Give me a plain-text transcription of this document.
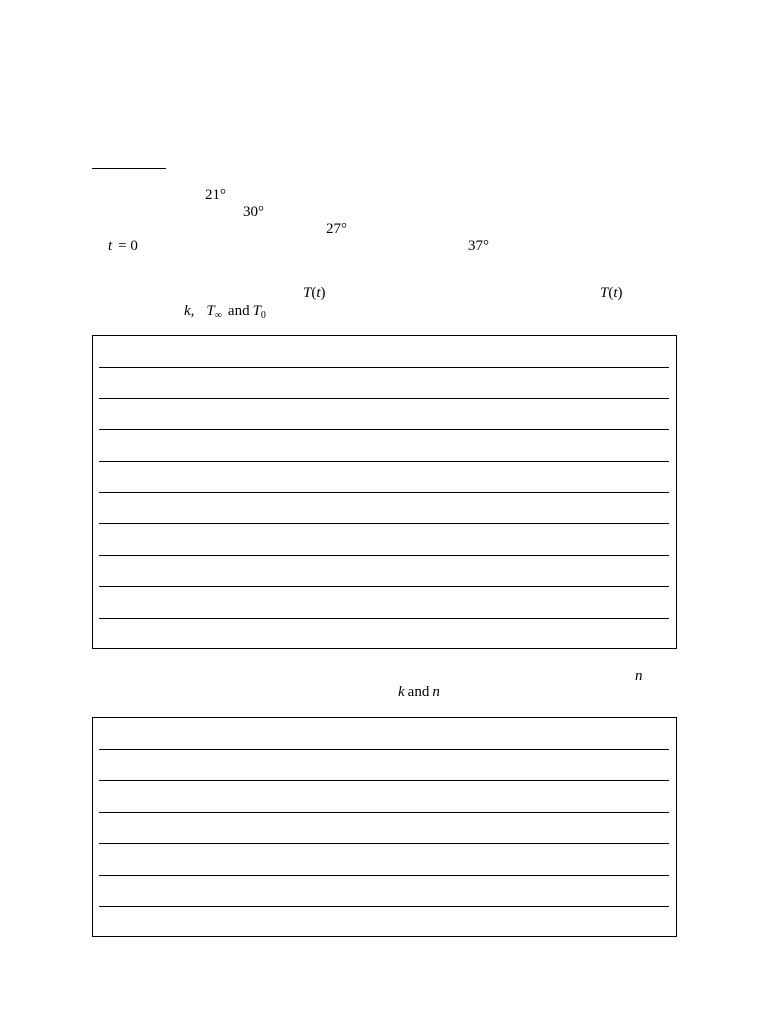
21°
30°
27°
t = 0	37°
T(t)	T(t)
k, $T_\infty$ and $T_0$
n
k and n
